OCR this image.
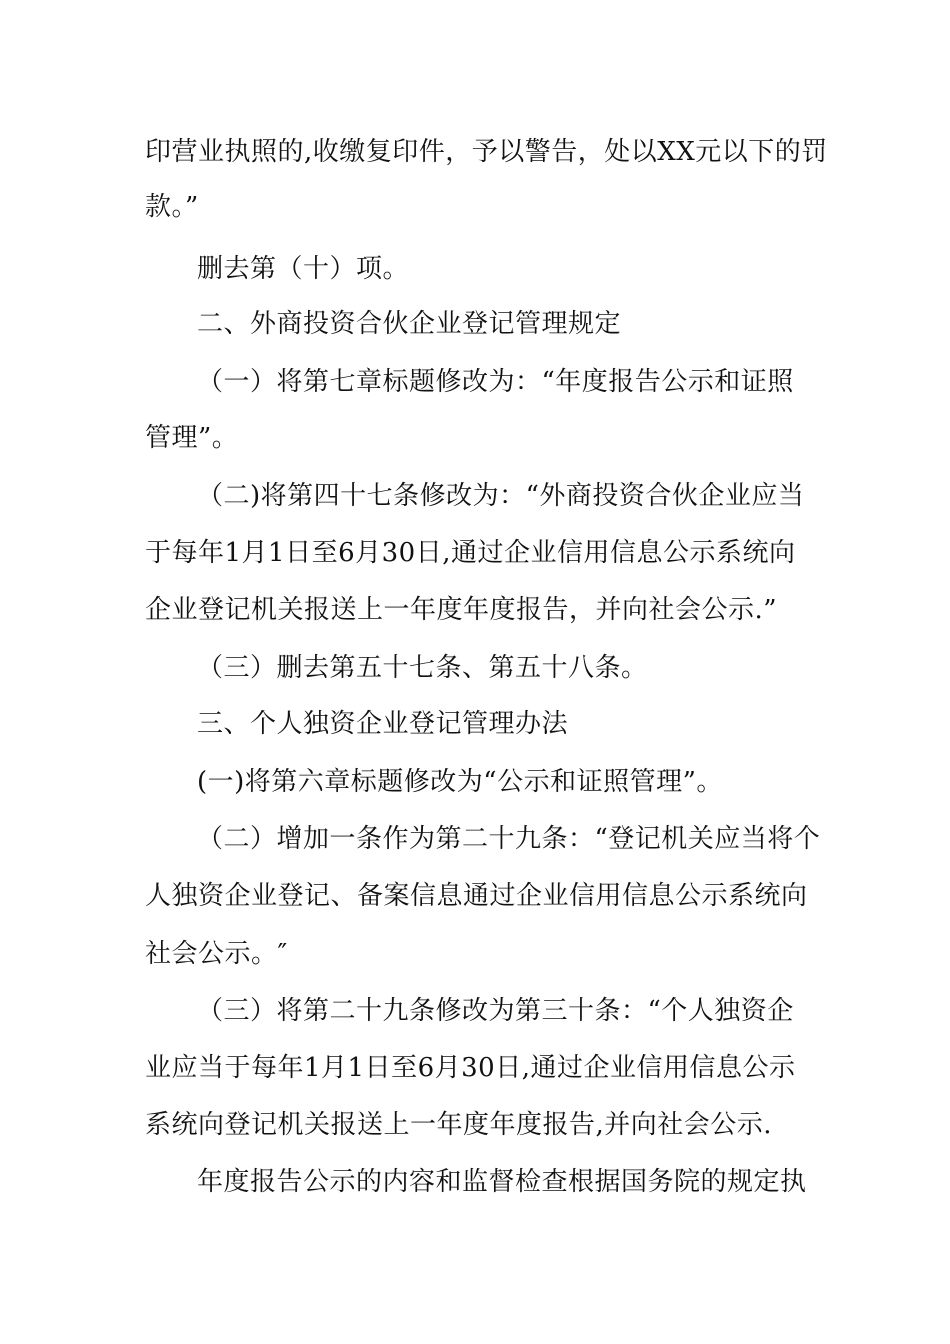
印营业执照的,收缴复印件，予以警告，处以XX元以下的罚
款。”
删去第（十）项。
二、外商投资合伙企业登记管理规定
（一）将第七章标题修改为：“年度报告公示和证照
管理”。
（二)将第四十七条修改为：“外商投资合伙企业应当
于每年1月1日至6月30日,通过企业信用信息公示系统向
企业登记机关报送上一年度年度报告，并向社会公示.”
（三）删去第五十七条、第五十八条。
三、个人独资企业登记管理办法
(一)将第六章标题修改为“公示和证照管理”。
（二）增加一条作为第二十九条：“登记机关应当将个
人独资企业登记、备案信息通过企业信用信息公示系统向
社会公示。″
（三）将第二十九条修改为第三十条：“个人独资企
业应当于每年1月1日至6月30日,通过企业信用信息公示
系统向登记机关报送上一年度年度报告,并向社会公示.
年度报告公示的内容和监督检查根据国务院的规定执
